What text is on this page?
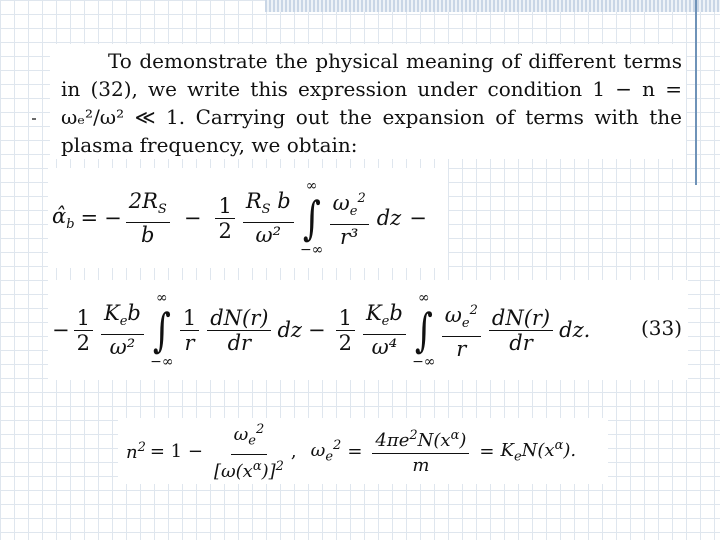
To demonstrate the physical meaning of different terms in (32), we write this expression under condition 1 − n = ωₑ²/ω² ≪ 1. Carrying out the expansion of terms with the plasma frequency, we obtain:

$\alphâ_b$ = − $\frac{2R_S}{b} - \frac{1}{2} \frac{R_S b}{\text{ω²}}$
∞
∫
−∞
$\frac{\omega_e^2}{\text{r³}}$ dz −
− $\frac{1}{2} \frac{K_eb}{\text{ω²}}$
∞
∫
−∞
$\frac{1}{r} \frac{dN(r)}{dr}$ dz − $\frac{1}{2} \frac{K_eb}{\text{ω⁴}}$
∞
∫
−∞
$\frac{\omega_e^2}{r} \frac{dN(r)}{dr}$ dz.	(33)
$n^2 = 1 - \frac{\omega_e^2}{[\omega(x^\alpha)]^2}$ , $\omega_e^2 = \frac{4\pi e^2N(x^\alpha)}{m} = K_eN(x^\alpha)$.
